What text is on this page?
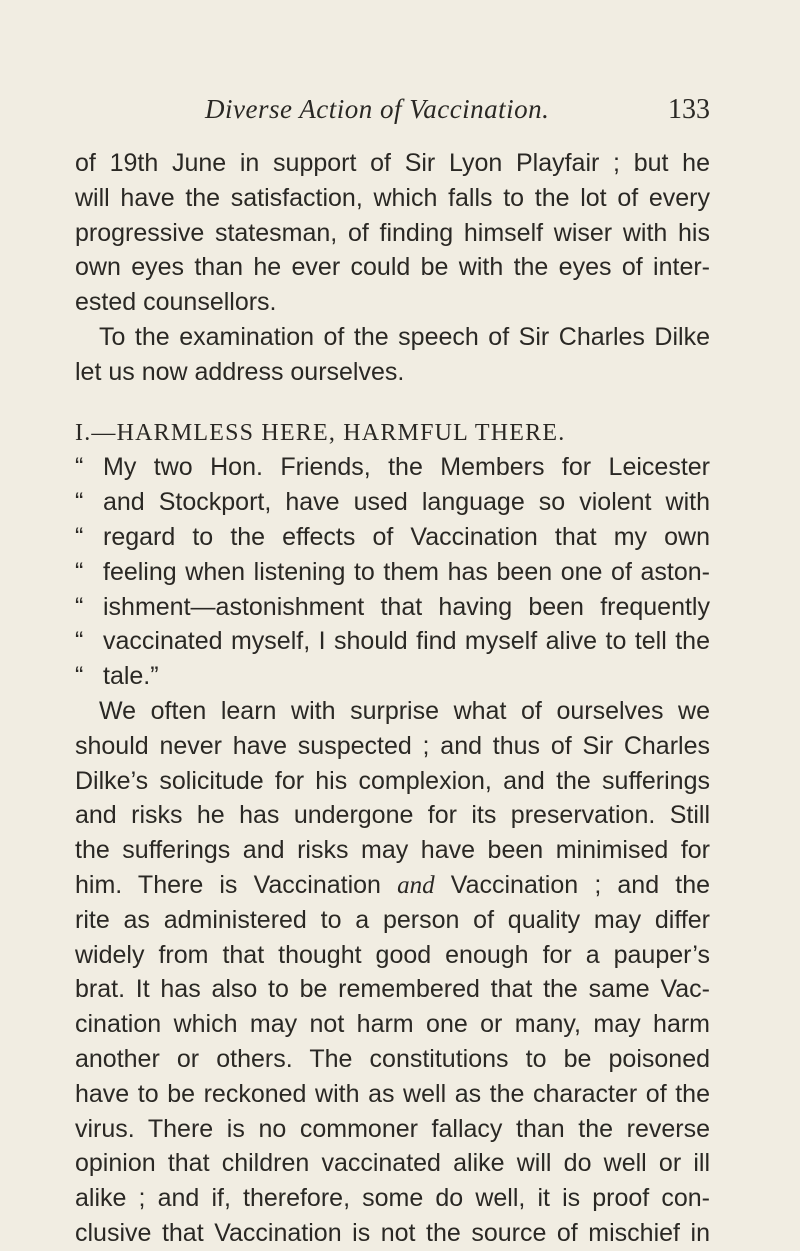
Diverse Action of Vaccination.	133
of 19th June in support of Sir Lyon Playfair ; but he
will have the satisfaction, which falls to the lot of every
progressive statesman, of finding himself wiser with his
own eyes than he ever could be with the eyes of inter-
ested counsellors.
To the examination of the speech of Sir Charles Dilke
let us now address ourselves.
I.—HARMLESS HERE, HARMFUL THERE.
“ My two Hon. Friends, the Members for Leicester
“ and Stockport, have used language so violent with
“ regard to the effects of Vaccination that my own
“ feeling when listening to them has been one of aston-
“ ishment—astonishment that having been frequently
“ vaccinated myself, I should find myself alive to tell the
“ tale.”
We often learn with surprise what of ourselves we
should never have suspected ; and thus of Sir Charles
Dilke’s solicitude for his complexion, and the sufferings
and risks he has undergone for its preservation. Still
the sufferings and risks may have been minimised for
him. There is Vaccination and Vaccination ; and the
rite as administered to a person of quality may differ
widely from that thought good enough for a pauper’s
brat. It has also to be remembered that the same Vac-
cination which may not harm one or many, may harm
another or others. The constitutions to be poisoned
have to be reckoned with as well as the character of the
virus. There is no commoner fallacy than the reverse
opinion that children vaccinated alike will do well or ill
alike ; and if, therefore, some do well, it is proof con-
clusive that Vaccination is not the source of mischief in
